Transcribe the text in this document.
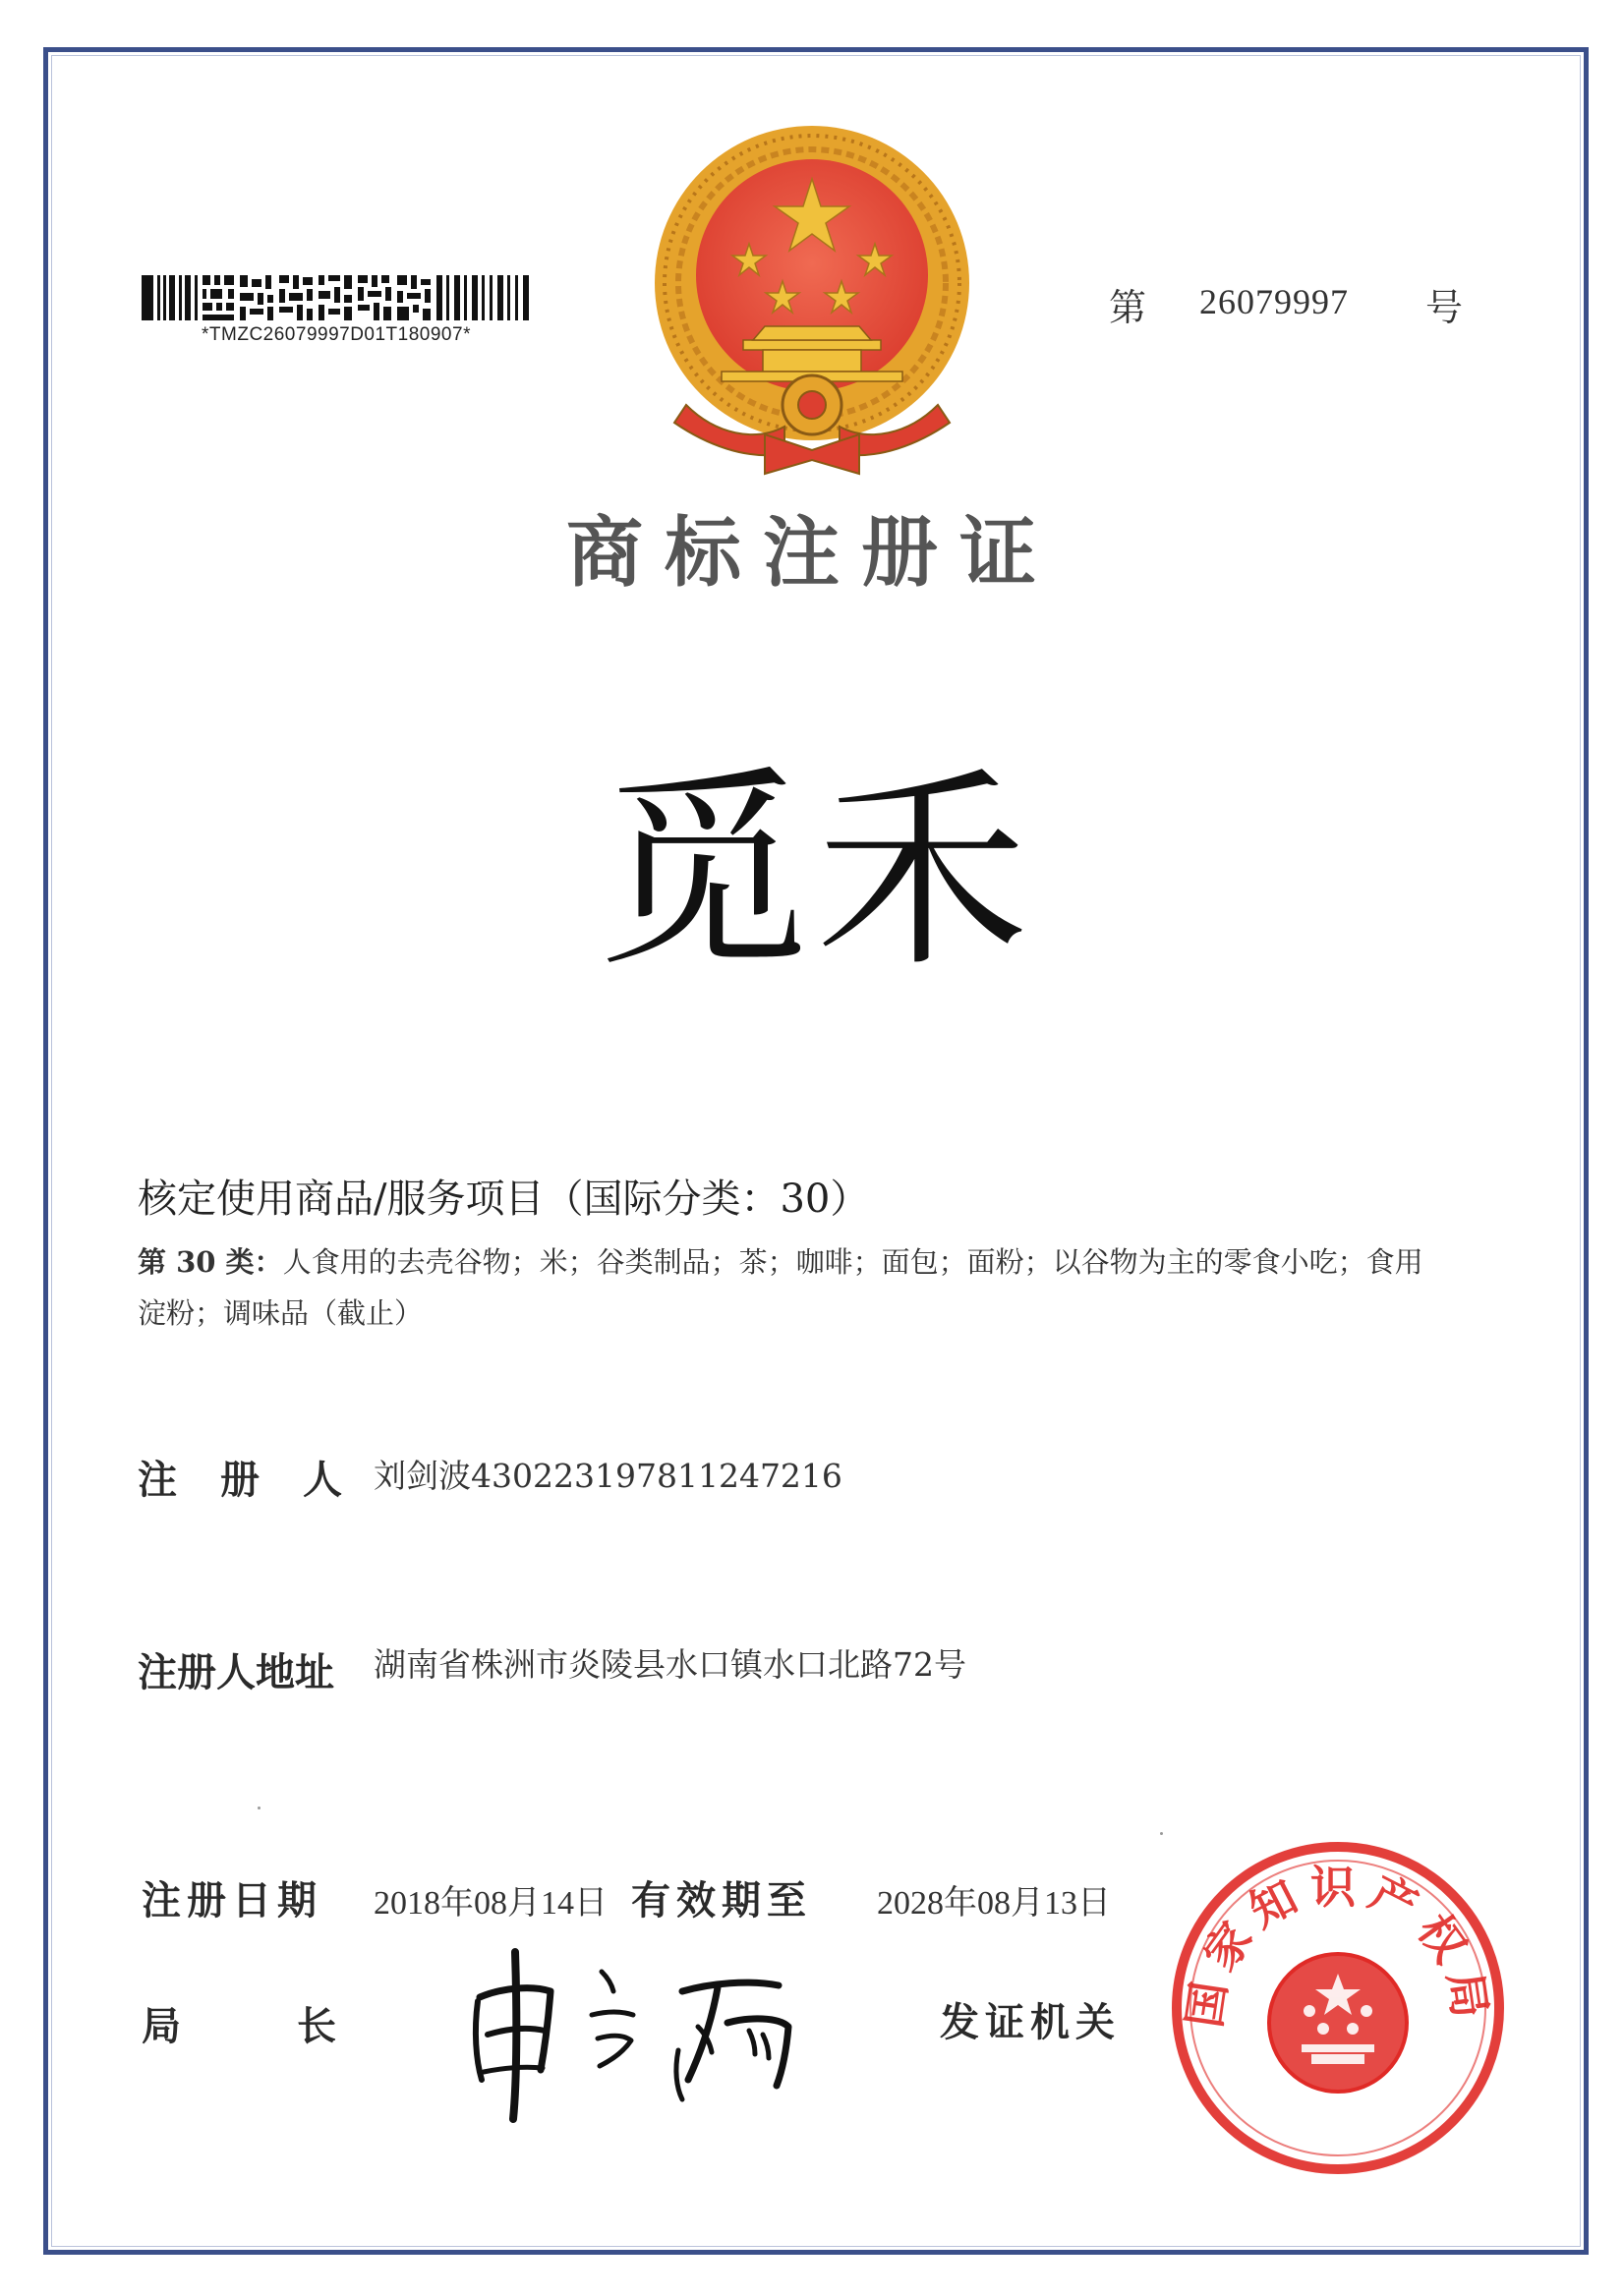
*TMZC26079997D01T180907*
第 26079997 号
商标注册证
觅禾
核定使用商品/服务项目（国际分类：30）
第 30 类：人食用的去壳谷物；米；谷类制品；茶；咖啡；面包；面粉；以谷物为主的零食小吃；食用
淀粉；调味品（截止）
注册人
刘剑波430223197811247216
注册人地址 湖南省株洲市炎陵县水口镇水口北路72号
注册日期 2018年08月14日 有效期至 2028年08月13日
局	长	发证机关 国家知识产权局
